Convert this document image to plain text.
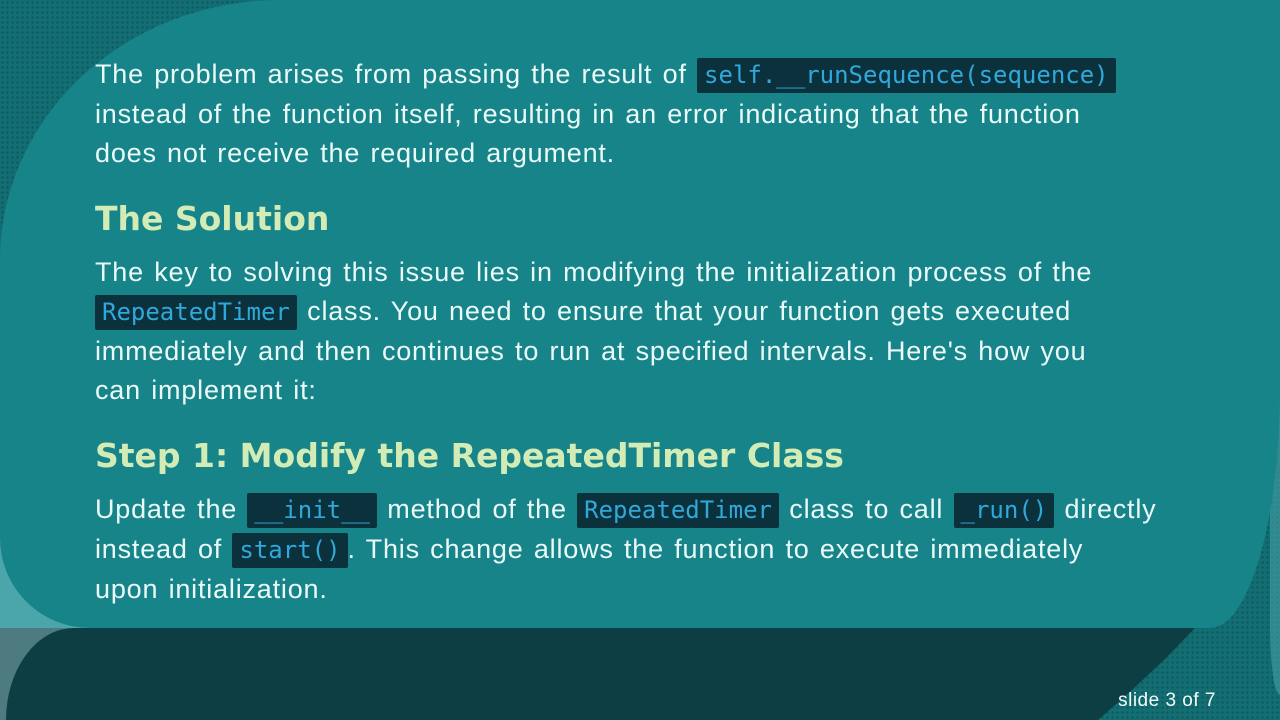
The problem arises from passing the result of self.__runSequence(sequence)
instead of the function itself, resulting in an error indicating that the function
does not receive the required argument.
The Solution
The key to solving this issue lies in modifying the initialization process of the
RepeatedTimer class. You need to ensure that your function gets executed
immediately and then continues to run at specified intervals. Here's how you
can implement it:
Step 1: Modify the RepeatedTimer Class
Update the __init__ method of the RepeatedTimer class to call _run() directly
instead of start() . This change allows the function to execute immediately
upon initialization.
slide 3 of 7
